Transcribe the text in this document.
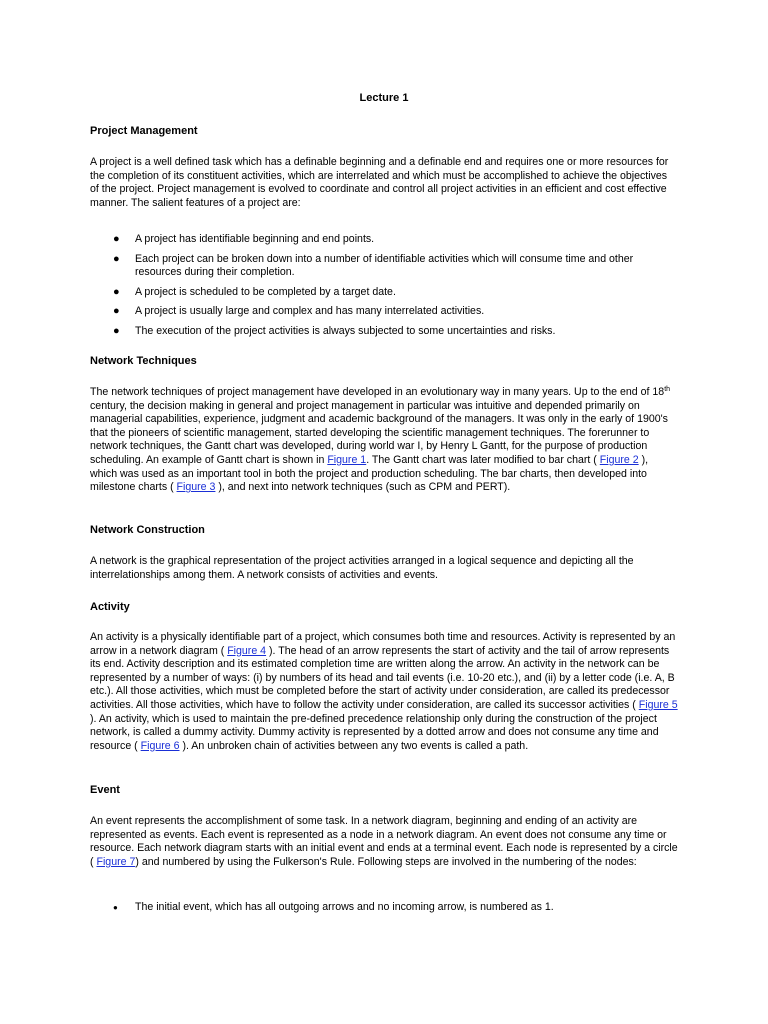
Lecture 1
Project Management

A project is a well defined task which has a definable beginning and a definable end and requires one or more resources for the completion of its constituent activities, which are interrelated and which must be accomplished to achieve the objectives of the project. Project management is evolved to coordinate and control all project activities in an efficient and cost effective manner. The salient features of a project are:

● A project has identifiable beginning and end points.
● Each project can be broken down into a number of identifiable activities which will consume time and other resources during their completion.
● A project is scheduled to be completed by a target date.
● A project is usually large and complex and has many interrelated activities.
● The execution of the project activities is always subjected to some uncertainties and risks.
Network Techniques

The network techniques of project management have developed in an evolutionary way in many years. Up to the end of 18th century, the decision making in general and project management in particular was intuitive and depended primarily on managerial capabilities, experience, judgment and academic background of the managers. It was only in the early of 1900's that the pioneers of scientific management, started developing the scientific management techniques. The forerunner to network techniques, the Gantt chart was developed, during world war I, by Henry L Gantt, for the purpose of production scheduling. An example of Gantt chart is shown in Figure 1. The Gantt chart was later modified to bar chart ( Figure 2 ), which was used as an important tool in both the project and production scheduling. The bar charts, then developed into milestone charts ( Figure 3 ), and next into network techniques (such as CPM and PERT).

Network Construction

A network is the graphical representation of the project activities arranged in a logical sequence and depicting all the interrelationships among them. A network consists of activities and events.

Activity

An activity is a physically identifiable part of a project, which consumes both time and resources. Activity is represented by an arrow in a network diagram ( Figure 4 ). The head of an arrow represents the start of activity and the tail of arrow represents its end. Activity description and its estimated completion time are written along the arrow. An activity in the network can be represented by a number of ways: (i) by numbers of its head and tail events (i.e. 10-20 etc.), and (ii) by a letter code (i.e. A, B etc.). All those activities, which must be completed before the start of activity under consideration, are called its predecessor activities. All those activities, which have to follow the activity under consideration, are called its successor activities ( Figure 5 ). An activity, which is used to maintain the pre-defined precedence relationship only during the construction of the project network, is called a dummy activity. Dummy activity is represented by a dotted arrow and does not consume any time and resource ( Figure 6 ). An unbroken chain of activities between any two events is called a path.

Event

An event represents the accomplishment of some task. In a network diagram, beginning and ending of an activity are represented as events. Each event is represented as a node in a network diagram. An event does not consume any time or resource. Each network diagram starts with an initial event and ends at a terminal event. Each node is represented by a circle ( Figure 7) and numbered by using the Fulkerson's Rule. Following steps are involved in the numbering of the nodes:

● The initial event, which has all outgoing arrows and no incoming arrow, is numbered as 1.
